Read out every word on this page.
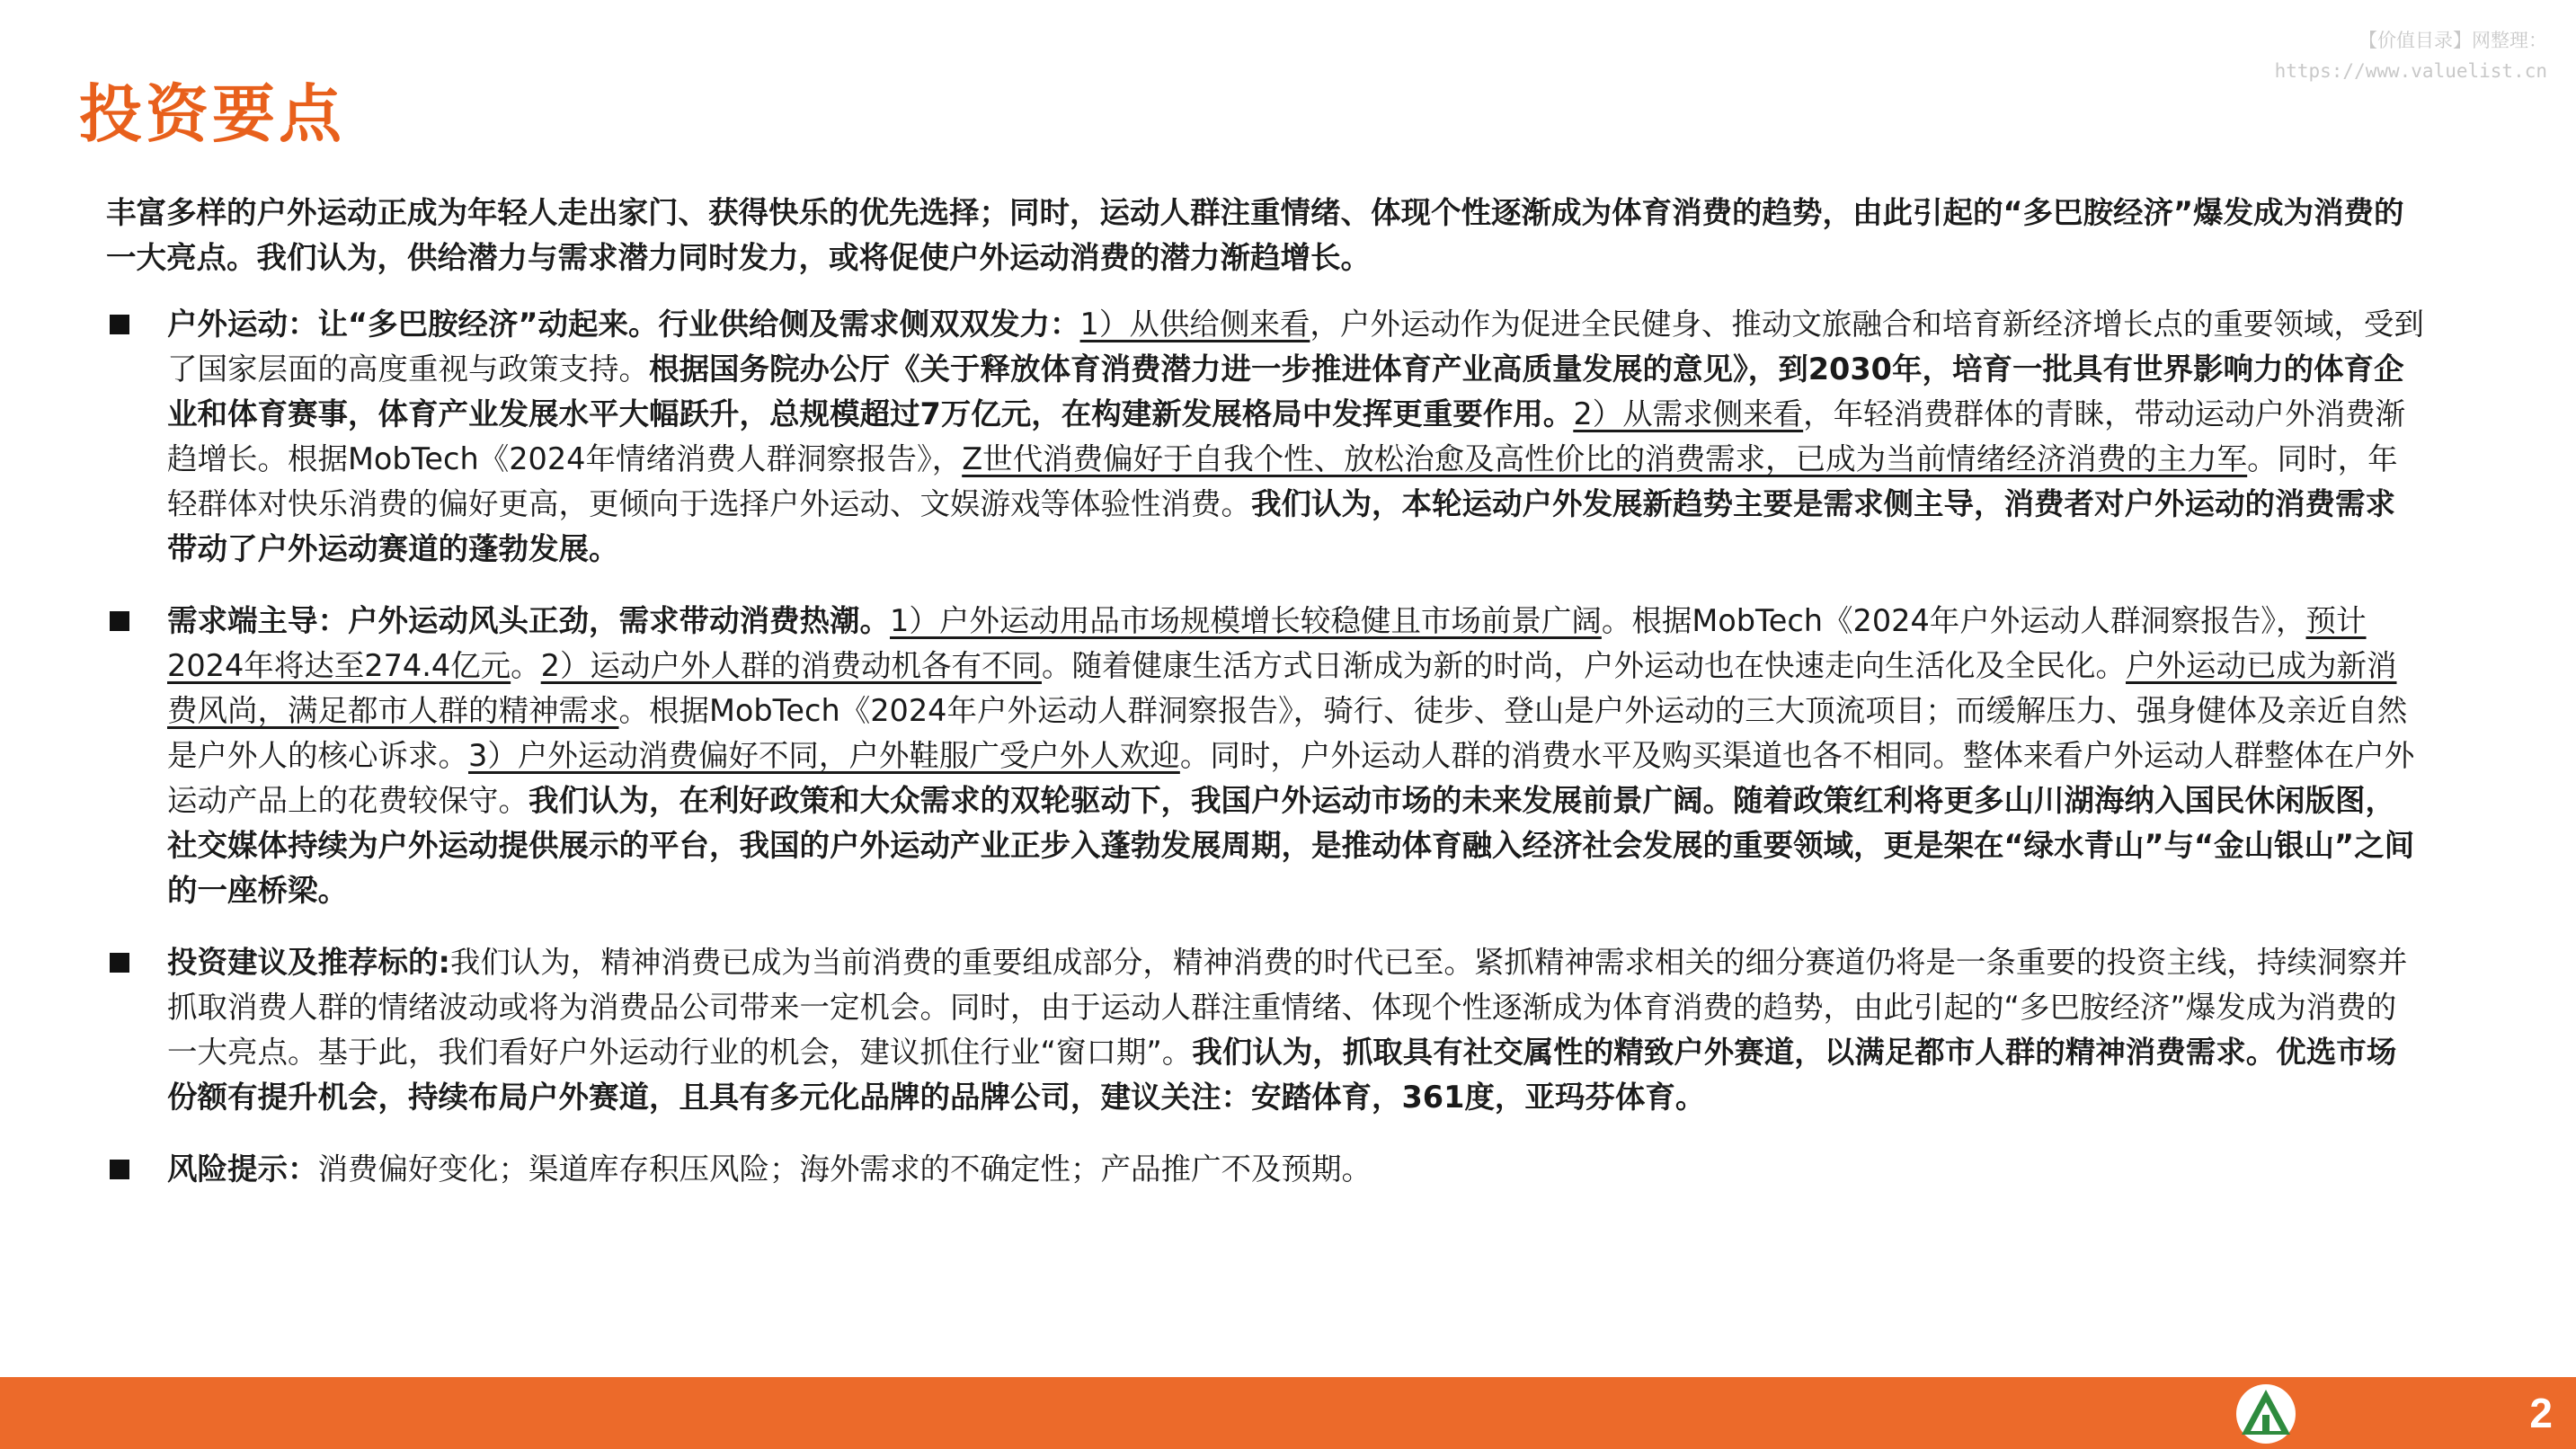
【价值目录】网整理：
https://www.valuelist.cn
投资要点

丰富多样的户外运动正成为年轻人走出家门、获得快乐的优先选择；同时，运动人群注重情绪、体现个性逐渐成为体育消费的趋势，由此引起的“多巴胺经济”爆发成为消费的一大亮点。我们认为，供给潜力与需求潜力同时发力，或将促使户外运动消费的潜力渐趋增长。

户外运动：让“多巴胺经济”动起来。行业供给侧及需求侧双双发力：1）从供给侧来看，户外运动作为促进全民健身、推动文旅融合和培育新经济增长点的重要领域，受到了国家层面的高度重视与政策支持。根据国务院办公厅《关于释放体育消费潜力进一步推进体育产业高质量发展的意见》，到2030年，培育一批具有世界影响力的体育企业和体育赛事，体育产业发展水平大幅跃升，总规模超过7万亿元，在构建新发展格局中发挥更重要作用。2）从需求侧来看，年轻消费群体的青睐，带动运动户外消费渐趋增长。根据MobTech《2024年情绪消费人群洞察报告》，Z世代消费偏好于自我个性、放松治愈及高性价比的消费需求，已成为当前情绪经济消费的主力军。同时，年轻群体对快乐消费的偏好更高，更倾向于选择户外运动、文娱游戏等体验性消费。我们认为，本轮运动户外发展新趋势主要是需求侧主导，消费者对户外运动的消费需求带动了户外运动赛道的蓬勃发展。

需求端主导：户外运动风头正劲，需求带动消费热潮。1）户外运动用品市场规模增长较稳健且市场前景广阔。根据MobTech《2024年户外运动人群洞察报告》，预计2024年将达至274.4亿元。2）运动户外人群的消费动机各有不同。随着健康生活方式日渐成为新的时尚，户外运动也在快速走向生活化及全民化。户外运动已成为新消费风尚，满足都市人群的精神需求。根据MobTech《2024年户外运动人群洞察报告》，骑行、徒步、登山是户外运动的三大顶流项目；而缓解压力、强身健体及亲近自然是户外人的核心诉求。3）户外运动消费偏好不同，户外鞋服广受户外人欢迎。同时，户外运动人群的消费水平及购买渠道也各不相同。整体来看户外运动人群整体在户外运动产品上的花费较保守。我们认为，在利好政策和大众需求的双轮驱动下，我国户外运动市场的未来发展前景广阔。随着政策红利将更多山川湖海纳入国民休闲版图，社交媒体持续为户外运动提供展示的平台，我国的户外运动产业正步入蓬勃发展周期，是推动体育融入经济社会发展的重要领域，更是架在“绿水青山”与“金山银山”之间的一座桥梁。

投资建议及推荐标的:我们认为，精神消费已成为当前消费的重要组成部分，精神消费的时代已至。紧抓精神需求相关的细分赛道仍将是一条重要的投资主线，持续洞察并抓取消费人群的情绪波动或将为消费品公司带来一定机会。同时，由于运动人群注重情绪、体现个性逐渐成为体育消费的趋势，由此引起的“多巴胺经济”爆发成为消费的一大亮点。基于此，我们看好户外运动行业的机会，建议抓住行业“窗口期”。我们认为，抓取具有社交属性的精致户外赛道，以满足都市人群的精神消费需求。优选市场份额有提升机会，持续布局户外赛道，且具有多元化品牌的品牌公司，建议关注：安踏体育，361度，亚玛芬体育。

风险提示：消费偏好变化；渠道库存积压风险；海外需求的不确定性；产品推广不及预期。

2
